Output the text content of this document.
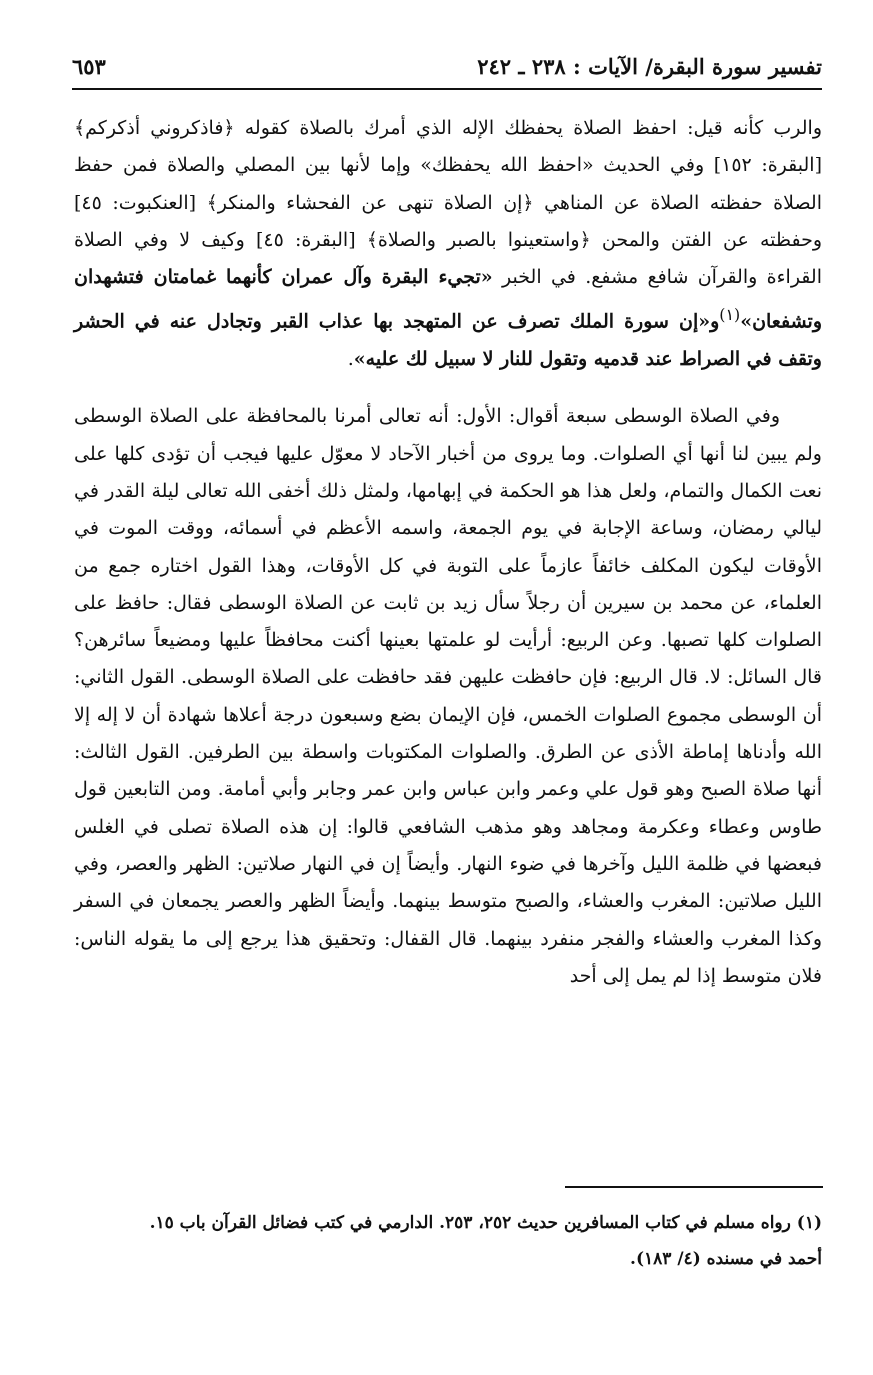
تفسير سورة البقرة/ الآيات : ٢٣٨ ـ ٢٤٢
٦٥٣

والرب كأنه قيل: احفظ الصلاة يحفظك الإله الذي أمرك بالصلاة كقوله ﴿فاذكروني أذكركم﴾ [البقرة: ١٥٢] وفي الحديث «احفظ الله يحفظك» وإما لأنها بين المصلي والصلاة فمن حفظ الصلاة حفظته الصلاة عن المناهي ﴿إن الصلاة تنهى عن الفحشاء والمنكر﴾ [العنكبوت: ٤٥] وحفظته عن الفتن والمحن ﴿واستعينوا بالصبر والصلاة﴾ [البقرة: ٤٥] وكيف لا وفي الصلاة القراءة والقرآن شافع مشفع. في الخبر «تجيء البقرة وآل عمران كأنهما غمامتان فتشهدان وتشفعان»$^{(١)}$و«إن سورة الملك تصرف عن المتهجد بها عذاب القبر وتجادل عنه في الحشر وتقف في الصراط عند قدميه وتقول للنار لا سبيل لك عليه».

وفي الصلاة الوسطى سبعة أقوال: الأول: أنه تعالى أمرنا بالمحافظة على الصلاة الوسطى ولم يبين لنا أنها أي الصلوات. وما يروى من أخبار الآحاد لا معوّل عليها فيجب أن تؤدى كلها على نعت الكمال والتمام، ولعل هذا هو الحكمة في إبهامها، ولمثل ذلك أخفى الله تعالى ليلة القدر في ليالي رمضان، وساعة الإجابة في يوم الجمعة، واسمه الأعظم في أسمائه، ووقت الموت في الأوقات ليكون المكلف خائفاً عازماً على التوبة في كل الأوقات، وهذا القول اختاره جمع من العلماء، عن محمد بن سيرين أن رجلاً سأل زيد بن ثابت عن الصلاة الوسطى فقال: حافظ على الصلوات كلها تصبها. وعن الربيع: أرأيت لو علمتها بعينها أكنت محافظاً عليها ومضيعاً سائرهن؟ قال السائل: لا. قال الربيع: فإن حافظت عليهن فقد حافظت على الصلاة الوسطى. القول الثاني: أن الوسطى مجموع الصلوات الخمس، فإن الإيمان بضع وسبعون درجة أعلاها شهادة أن لا إله إلا الله وأدناها إماطة الأذى عن الطرق. والصلوات المكتوبات واسطة بين الطرفين. القول الثالث: أنها صلاة الصبح وهو قول علي وعمر وابن عباس وابن عمر وجابر وأبي أمامة. ومن التابعين قول طاوس وعطاء وعكرمة ومجاهد وهو مذهب الشافعي قالوا: إن هذه الصلاة تصلى في الغلس فبعضها في ظلمة الليل وآخرها في ضوء النهار. وأيضاً إن في النهار صلاتين: الظهر والعصر، وفي الليل صلاتين: المغرب والعشاء، والصبح متوسط بينهما. وأيضاً الظهر والعصر يجمعان في السفر وكذا المغرب والعشاء والفجر منفرد بينهما. قال القفال: وتحقيق هذا يرجع إلى ما يقوله الناس: فلان متوسط إذا لم يمل إلى أحد

(١) رواه مسلم في كتاب المسافرين حديث ٢٥٢، ٢٥٣. الدارمي في كتب فضائل القرآن باب ١٥.

أحمد في مسنده (٤/ ١٨٣).
